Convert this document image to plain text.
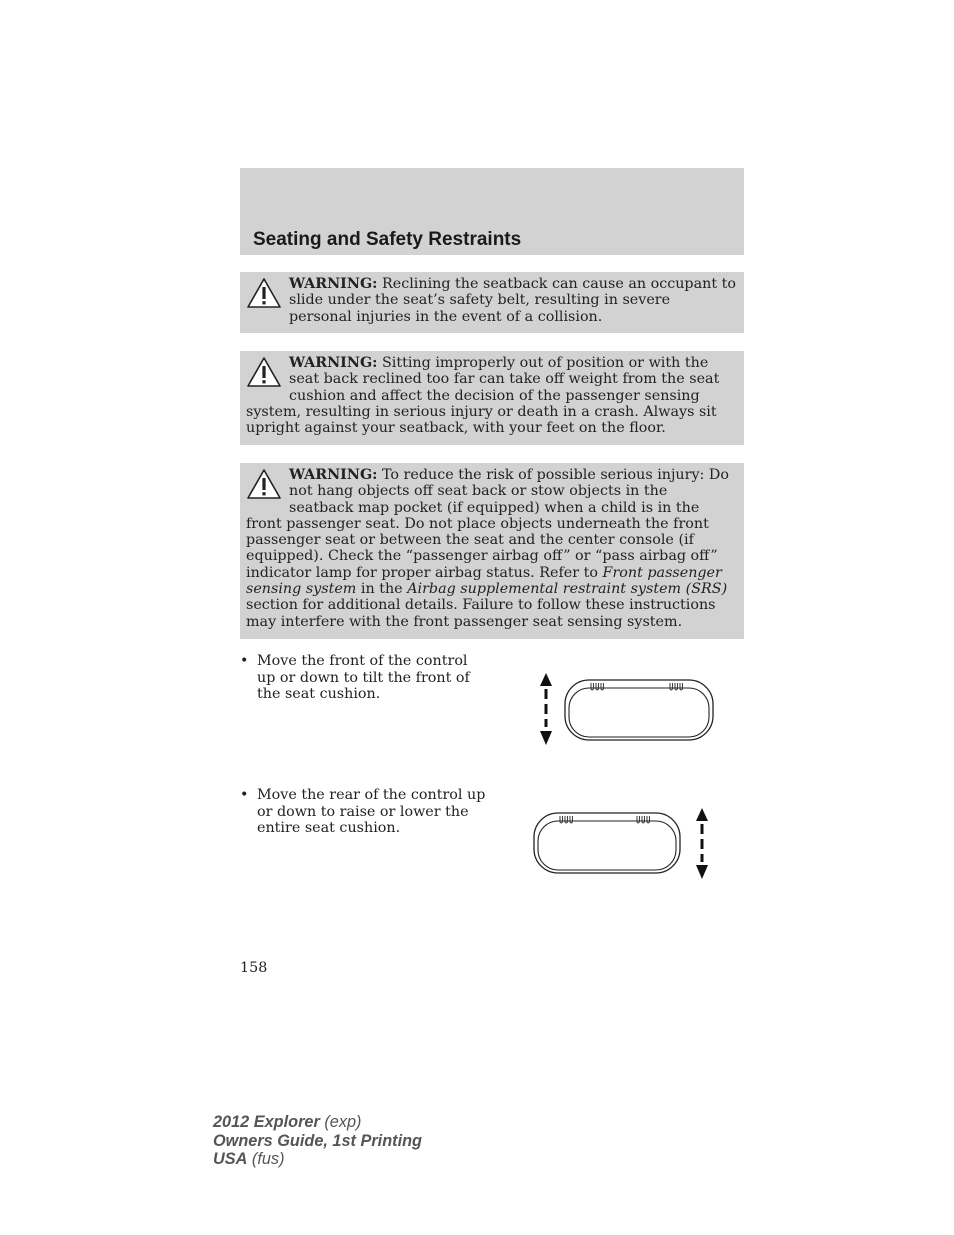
Seating and Safety Restraints
WARNING: Reclining the seatback can cause an occupant to slide under the seat’s safety belt, resulting in severe personal injuries in the event of a collision.
WARNING: Sitting improperly out of position or with the seat back reclined too far can take off weight from the seat cushion and affect the decision of the passenger sensing system, resulting in serious injury or death in a crash. Always sit upright against your seatback, with your feet on the floor.
WARNING: To reduce the risk of possible serious injury: Do not hang objects off seat back or stow objects in the seatback map pocket (if equipped) when a child is in the front passenger seat. Do not place objects underneath the front passenger seat or between the seat and the center console (if equipped). Check the “passenger airbag off” or “pass airbag off” indicator lamp for proper airbag status. Refer to Front passenger sensing system in the Airbag supplemental restraint system (SRS) section for additional details. Failure to follow these instructions may interfere with the front passenger seat sensing system.
• Move the front of the control up or down to tilt the front of the seat cushion.
• Move the rear of the control up or down to raise or lower the entire seat cushion.
158
2012 Explorer (exp)
Owners Guide, 1st Printing
USA (fus)
